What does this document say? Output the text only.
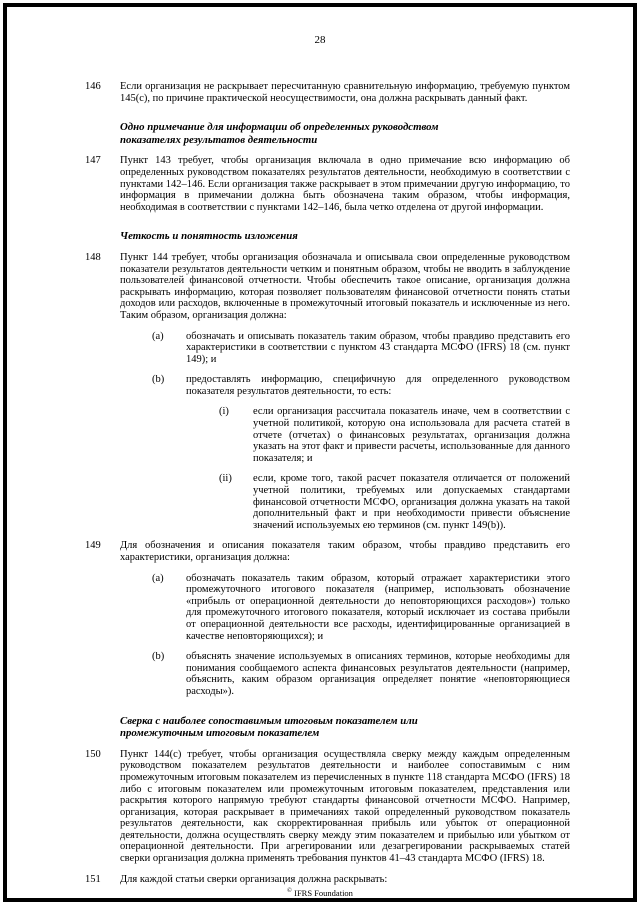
28
146	Если организация не раскрывает пересчитанную сравнительную информацию, требуемую пунктом 145(c), по причине практической неосуществимости, она должна раскрывать данный факт.
Одно примечание для информации об определенных руководством показателях результатов деятельности
147	Пункт 143 требует, чтобы организация включала в одно примечание всю информацию об определенных руководством показателях результатов деятельности, необходимую в соответствии с пунктами 142–146. Если организация также раскрывает в этом примечании другую информацию, то информация в примечании должна быть обозначена таким образом, чтобы информация, необходимая в соответствии с пунктами 142–146, была четко отделена от другой информации.
Четкость и понятность изложения
148	Пункт 144 требует, чтобы организация обозначала и описывала свои определенные руководством показатели результатов деятельности четким и понятным образом, чтобы не вводить в заблуждение пользователей финансовой отчетности. Чтобы обеспечить такое описание, организация должна раскрывать информацию, которая позволяет пользователям финансовой отчетности понять статьи доходов или расходов, включенные в промежуточный итоговый показатель и исключенные из него. Таким образом, организация должна:
(a)	обозначать и описывать показатель таким образом, чтобы правдиво представить его характеристики в соответствии с пунктом 43 стандарта МСФО (IFRS) 18 (см. пункт 149); и
(b)	предоставлять информацию, специфичную для определенного руководством показателя результатов деятельности, то есть:
(i)	если организация рассчитала показатель иначе, чем в соответствии с учетной политикой, которую она использовала для расчета статей в отчете (отчетах) о финансовых результатах, организация должна указать на этот факт и привести расчеты, использованные для данного показателя; и
(ii)	если, кроме того, такой расчет показателя отличается от положений учетной политики, требуемых или допускаемых стандартами финансовой отчетности МСФО, организация должна указать на такой дополнительный факт и при необходимости привести объяснение значений используемых ею терминов (см. пункт 149(b)).
149	Для обозначения и описания показателя таким образом, чтобы правдиво представить его характеристики, организация должна:
(a)	обозначать показатель таким образом, который отражает характеристики этого промежуточного итогового показателя (например, использовать обозначение «прибыль от операционной деятельности до неповторяющихся расходов») только для промежуточного итогового показателя, который исключает из состава прибыли от операционной деятельности все расходы, идентифицированные организацией в качестве неповторяющихся); и
(b)	объяснять значение используемых в описаниях терминов, которые необходимы для понимания сообщаемого аспекта финансовых результатов деятельности (например, объяснить, каким образом организация определяет понятие «неповторяющиеся расходы»).
Сверка с наиболее сопоставимым итоговым показателем или промежуточным итоговым показателем
150	Пункт 144(c) требует, чтобы организация осуществляла сверку между каждым определенным руководством показателем результатов деятельности и наиболее сопоставимым с ним промежуточным итоговым показателем из перечисленных в пункте 118 стандарта МСФО (IFRS) 18 либо с итоговым показателем или промежуточным итоговым показателем, представления или раскрытия которого напрямую требуют стандарты финансовой отчетности МСФО. Например, организация, которая раскрывает в примечаниях такой определенный руководством показатель результатов деятельности, как скорректированная прибыль или убыток от операционной деятельности, должна осуществлять сверку между этим показателем и прибылью или убытком от операционной деятельности. При агрегировании или дезагрегировании раскрываемых статей сверки организация должна применять требования пунктов 41–43 стандарта МСФО (IFRS) 18.
151	Для каждой статьи сверки организация должна раскрывать:
© IFRS Foundation
